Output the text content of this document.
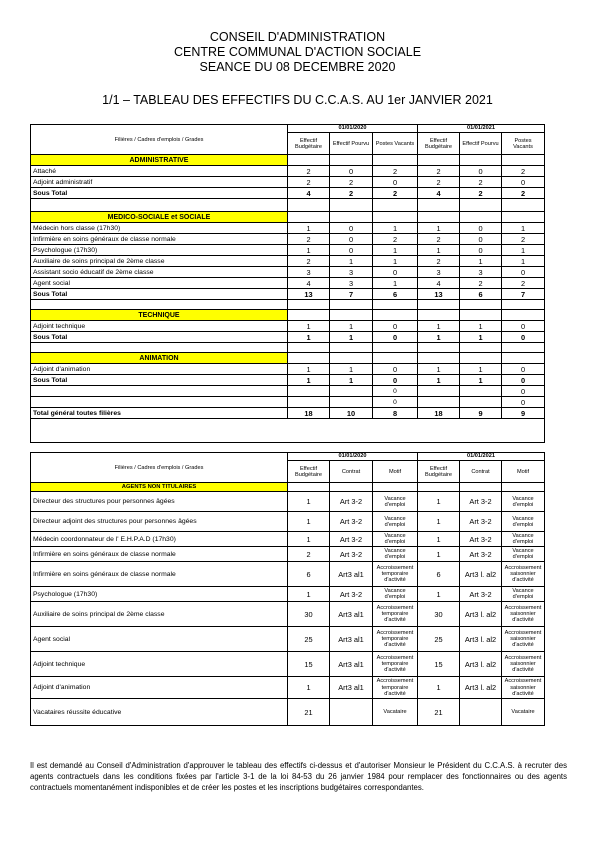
CONSEIL D'ADMINISTRATION
CENTRE COMMUNAL D'ACTION SOCIALE
SEANCE DU 08 DECEMBRE 2020
1/1 – TABLEAU DES EFFECTIFS DU C.C.A.S. AU 1er JANVIER 2021
Filières / Cadres d'emplois / Grades	01/01/2020			01/01/2021		
	Effectif Budgétaire	Effectif Pourvu	Postes Vacants	Effectif Budgétaire	Effectif Pourvu	Postes Vacants
ADMINISTRATIVE						
Attaché	2	0	2	2	0	2
Adjoint administratif	2	2	0	2	2	0
Sous Total	4	2	2	4	2	2

MEDICO-SOCIALE et SOCIALE						
Médecin hors classe (17h30)	1	0	1	1	0	1
Infirmière en soins généraux de classe normale	2	0	2	2	0	2
Psychologue (17h30)	1	0	1	1	0	1
Auxiliaire de soins principal de 2ème classe	2	1	1	2	1	1
Assistant socio éducatif de 2ème classe	3	3	0	3	3	0
Agent social	4	3	1	4	2	2
Sous Total	13	7	6	13	6	7

TECHNIQUE						
Adjoint technique	1	1	0	1	1	0
Sous Total	1	1	0	1	1	0

ANIMATION						
Adjoint d'animation	1	1	0	1	1	0
Sous Total	1	1	0	1	1	0
			0			0
			0			0
Total général toutes filières	18	10	8	18	9	9

Filières / Cadres d'emplois / Grades	01/01/2020			01/01/2021		
	Effectif Budgétaire	Contrat	Motif	Effectif Budgétaire	Contrat	Motif
AGENTS NON TITULAIRES						
Directeur des structures pour personnes âgées	1	Art 3-2	Vacance d'emploi	1	Art 3-2	Vacance d'emploi
Directeur adjoint des structures pour personnes âgées	1	Art 3-2	Vacance d'emploi	1	Art 3-2	Vacance d'emploi
Médecin coordonnateur de l' E.H.P.A.D (17h30)	1	Art 3-2	Vacance d'emploi	1	Art 3-2	Vacance d'emploi
Infirmière en soins généraux de classe normale	2	Art 3-2	Vacance d'emploi	1	Art 3-2	Vacance d'emploi
Infirmière en soins généraux de classe normale	6	Art3 al1	Accroissement temporaire d'activité	6	Art3 l. al2	Accroissement saisonnier d'activité
Psychologue (17h30)	1	Art 3-2	Vacance d'emploi	1	Art 3-2	Vacance d'emploi
Auxiliaire de soins principal de 2ème classe	30	Art3 al1	Accroissement temporaire d'activité	30	Art3 l. al2	Accroissement saisonnier d'activité
Agent social	25	Art3 al1	Accroissement temporaire d'activité	25	Art3 l. al2	Accroissement saisonnier d'activité
Adjoint technique	15	Art3 al1	Accroissement temporaire d'activité	15	Art3 l. al2	Accroissement saisonnier d'activité
Adjoint d'animation	1	Art3 al1	Accroissement temporaire d'activité	1	Art3 l. al2	Accroissement saisonnier d'activité
Vacataires réussite éducative	21		Vacataire	21		Vacataire
Il est demandé au Conseil d'Administration d'approuver le tableau des effectifs ci-dessus et d'autoriser Monsieur le Président du C.C.A.S. à recruter des agents contractuels dans les conditions fixées par l'article 3-1 de la loi 84-53 du 26 janvier 1984 pour remplacer des fonctionnaires ou des agents contractuels momentanément indisponibles et de créer les postes et les inscriptions budgétaires correspondantes.
